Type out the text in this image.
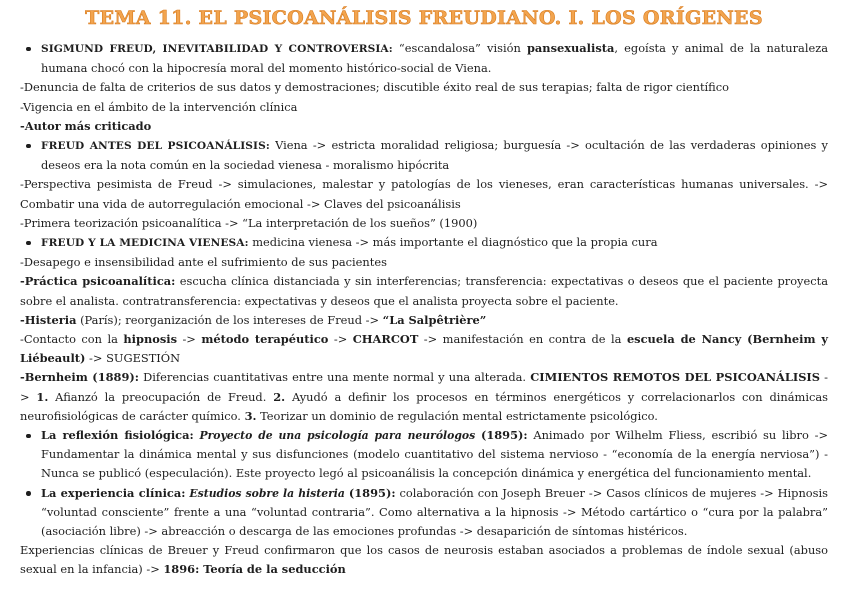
TEMA 11. EL PSICOANÁLISIS FREUDIANO. I. LOS ORÍGENES
SIGMUND FREUD, INEVITABILIDAD Y CONTROVERSIA: “escandalosa” visión pansexualista, egoísta y animal de la naturaleza humana chocó con la hipocresía moral del momento histórico-social de Viena.
-Denuncia de falta de criterios de sus datos y demostraciones; discutible éxito real de sus terapias; falta de rigor científico
-Vigencia en el ámbito de la intervención clínica
-Autor más criticado
FREUD ANTES DEL PSICOANÁLISIS: Viena -> estricta moralidad religiosa; burguesía -> ocultación de las verdaderas opiniones y deseos era la nota común en la sociedad vienesa - moralismo hipócrita
-Perspectiva pesimista de Freud -> simulaciones, malestar y patologías de los vieneses, eran características humanas universales. -> Combatir una vida de autorregulación emocional -> Claves del psicoanálisis
-Primera teorización psicoanalítica -> “La interpretación de los sueños” (1900)
FREUD Y LA MEDICINA VIENESA: medicina vienesa -> más importante el diagnóstico que la propia cura
-Desapego e insensibilidad ante el sufrimiento de sus pacientes
-Práctica psicoanalítica: escucha clínica distanciada y sin interferencias; transferencia: expectativas o deseos que el paciente proyecta sobre el analista. contratransferencia: expectativas y deseos que el analista proyecta sobre el paciente.
-Histeria (París); reorganización de los intereses de Freud -> “La Salpêtrière”
-Contacto con la hipnosis -> método terapéutico -> CHARCOT -> manifestación en contra de la escuela de Nancy (Bernheim y Liébeault) -> SUGESTIÓN
-Bernheim (1889): Diferencias cuantitativas entre una mente normal y una alterada. CIMIENTOS REMOTOS DEL PSICOANÁLISIS -> 1. Afianzó la preocupación de Freud. 2. Ayudó a definir los procesos en términos energéticos y correlacionarlos con dinámicas neurofisiológicas de carácter químico. 3. Teorizar un dominio de regulación mental estrictamente psicológico.
La reflexión fisiológica: Proyecto de una psicología para neurólogos (1895): Animado por Wilhelm Fliess, escribió su libro -> Fundamentar la dinámica mental y sus disfunciones (modelo cuantitativo del sistema nervioso - “economía de la energía nerviosa”) - Nunca se publicó (especulación). Este proyecto legó al psicoanálisis la concepción dinámica y energética del funcionamiento mental.
La experiencia clínica: Estudios sobre la histeria (1895): colaboración con Joseph Breuer -> Casos clínicos de mujeres -> Hipnosis “voluntad consciente” frente a una “voluntad contraria”. Como alternativa a la hipnosis -> Método cartártico o “cura por la palabra” (asociación libre) -> abreacción o descarga de las emociones profundas -> desaparición de síntomas histéricos.
Experiencias clínicas de Breuer y Freud confirmaron que los casos de neurosis estaban asociados a problemas de índole sexual (abuso sexual en la infancia) -> 1896: Teoría de la seducción
